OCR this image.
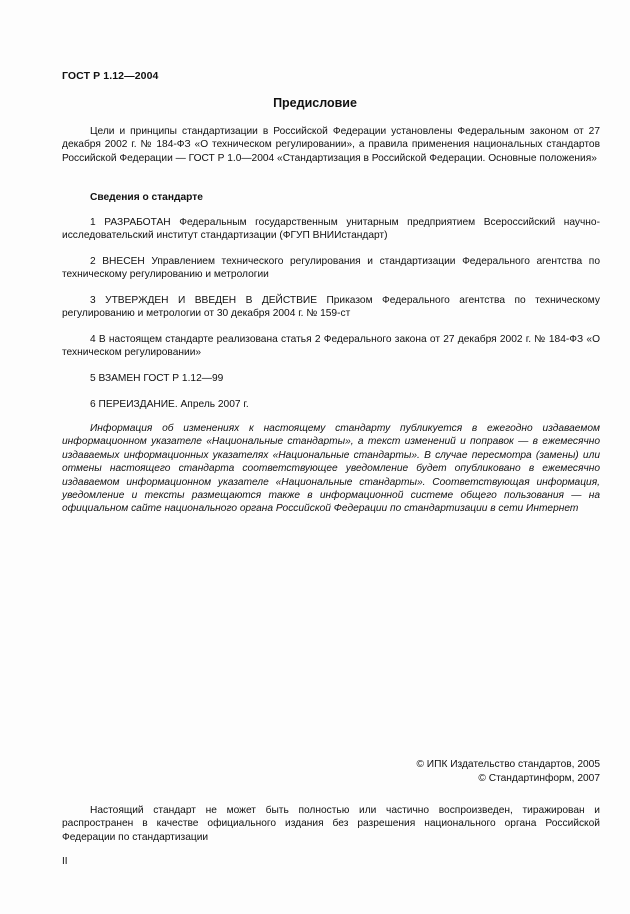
ГОСТ Р 1.12—2004
Предисловие
Цели и принципы стандартизации в Российской Федерации установлены Федеральным законом от 27 декабря 2002 г. № 184-ФЗ «О техническом регулировании», а правила применения национальных стандартов Российской Федерации — ГОСТ Р 1.0—2004 «Стандартизация в Российской Федерации. Основные положения»
Сведения о стандарте
1 РАЗРАБОТАН Федеральным государственным унитарным предприятием Всероссийский научно-исследовательский институт стандартизации (ФГУП ВНИИстандарт)
2 ВНЕСЕН Управлением технического регулирования и стандартизации Федерального агентства по техническому регулированию и метрологии
3 УТВЕРЖДЕН И ВВЕДЕН В ДЕЙСТВИЕ Приказом Федерального агентства по техническому регулированию и метрологии от 30 декабря 2004 г. № 159-ст
4 В настоящем стандарте реализована статья 2 Федерального закона от 27 декабря 2002 г. № 184-ФЗ «О техническом регулировании»
5 ВЗАМЕН ГОСТ Р 1.12—99
6 ПЕРЕИЗДАНИЕ. Апрель 2007 г.
Информация об изменениях к настоящему стандарту публикуется в ежегодно издаваемом информационном указателе «Национальные стандарты», а текст изменений и поправок — в ежемесячно издаваемых информационных указателях «Национальные стандарты». В случае пересмотра (замены) или отмены настоящего стандарта соответствующее уведомление будет опубликовано в ежемесячно издаваемом информационном указателе «Национальные стандарты». Соответствующая информация, уведомление и тексты размещаются также в информационной системе общего пользования — на официальном сайте национального органа Российской Федерации по стандартизации в сети Интернет
© ИПК Издательство стандартов, 2005
© Стандартинформ, 2007
Настоящий стандарт не может быть полностью или частично воспроизведен, тиражирован и распространен в качестве официального издания без разрешения национального органа Российской Федерации по стандартизации
II
